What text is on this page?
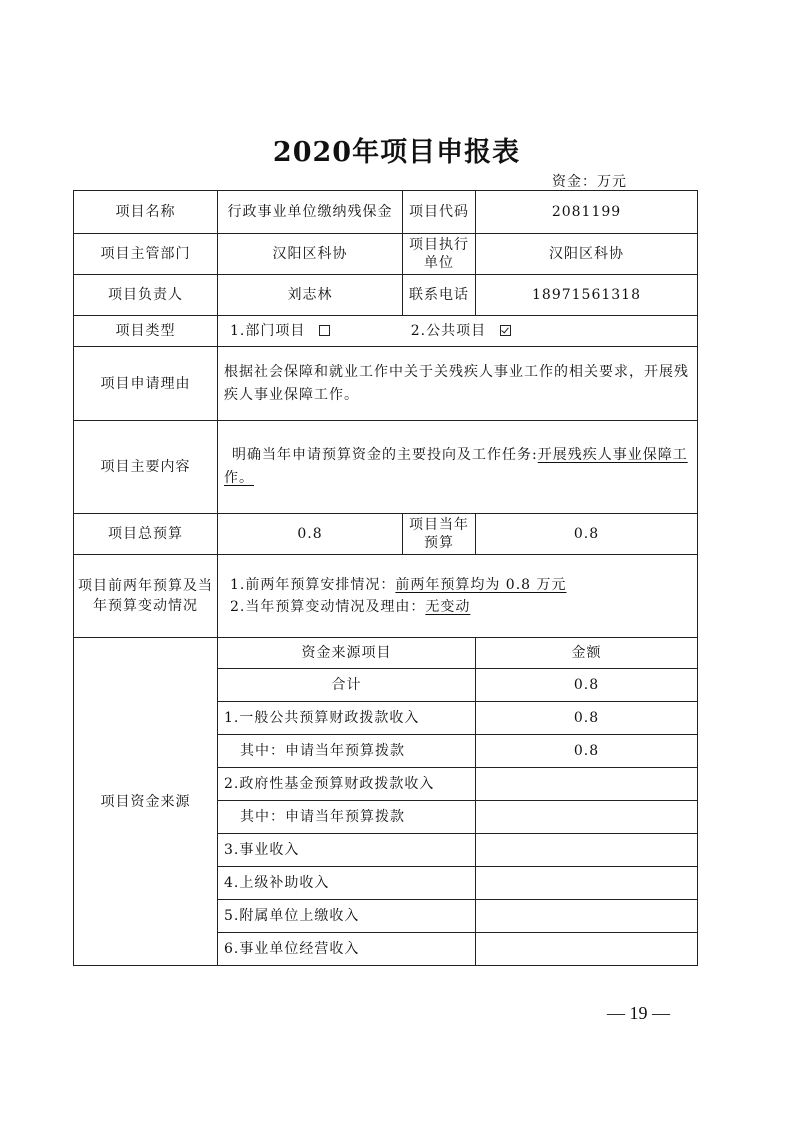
2020年项目申报表
资金：万元
项目名称	行政事业单位缴纳残保金	项目代码	2081199
项目主管部门	汉阳区科协	项目执行单位	汉阳区科协
项目负责人	刘志林	联系电话	18971561318
项目类型	1.部门项目 2.公共项目		
项目申请理由	根据社会保障和就业工作中关于关残疾人事业工作的相关要求，开展残疾人事业保障工作。		
项目主要内容	明确当年申请预算资金的主要投向及工作任务:开展残疾人事业保障工作。		
项目总预算	0.8	项目当年预算	0.8
项目前两年预算及当年预算变动情况	1.前两年预算安排情况：前两年预算均为 0.8 万元
2.当年预算变动情况及理由：无变动		

项目资金来源	资金来源项目		金额
	合计		0.8
	1.一般公共预算财政拨款收入		0.8
	其中：申请当年预算拨款		0.8
	2.政府性基金预算财政拨款收入		
	其中：申请当年预算拨款		
	3.事业收入		
	4.上级补助收入		
	5.附属单位上缴收入		
	6.事业单位经营收入		
— 19 —
